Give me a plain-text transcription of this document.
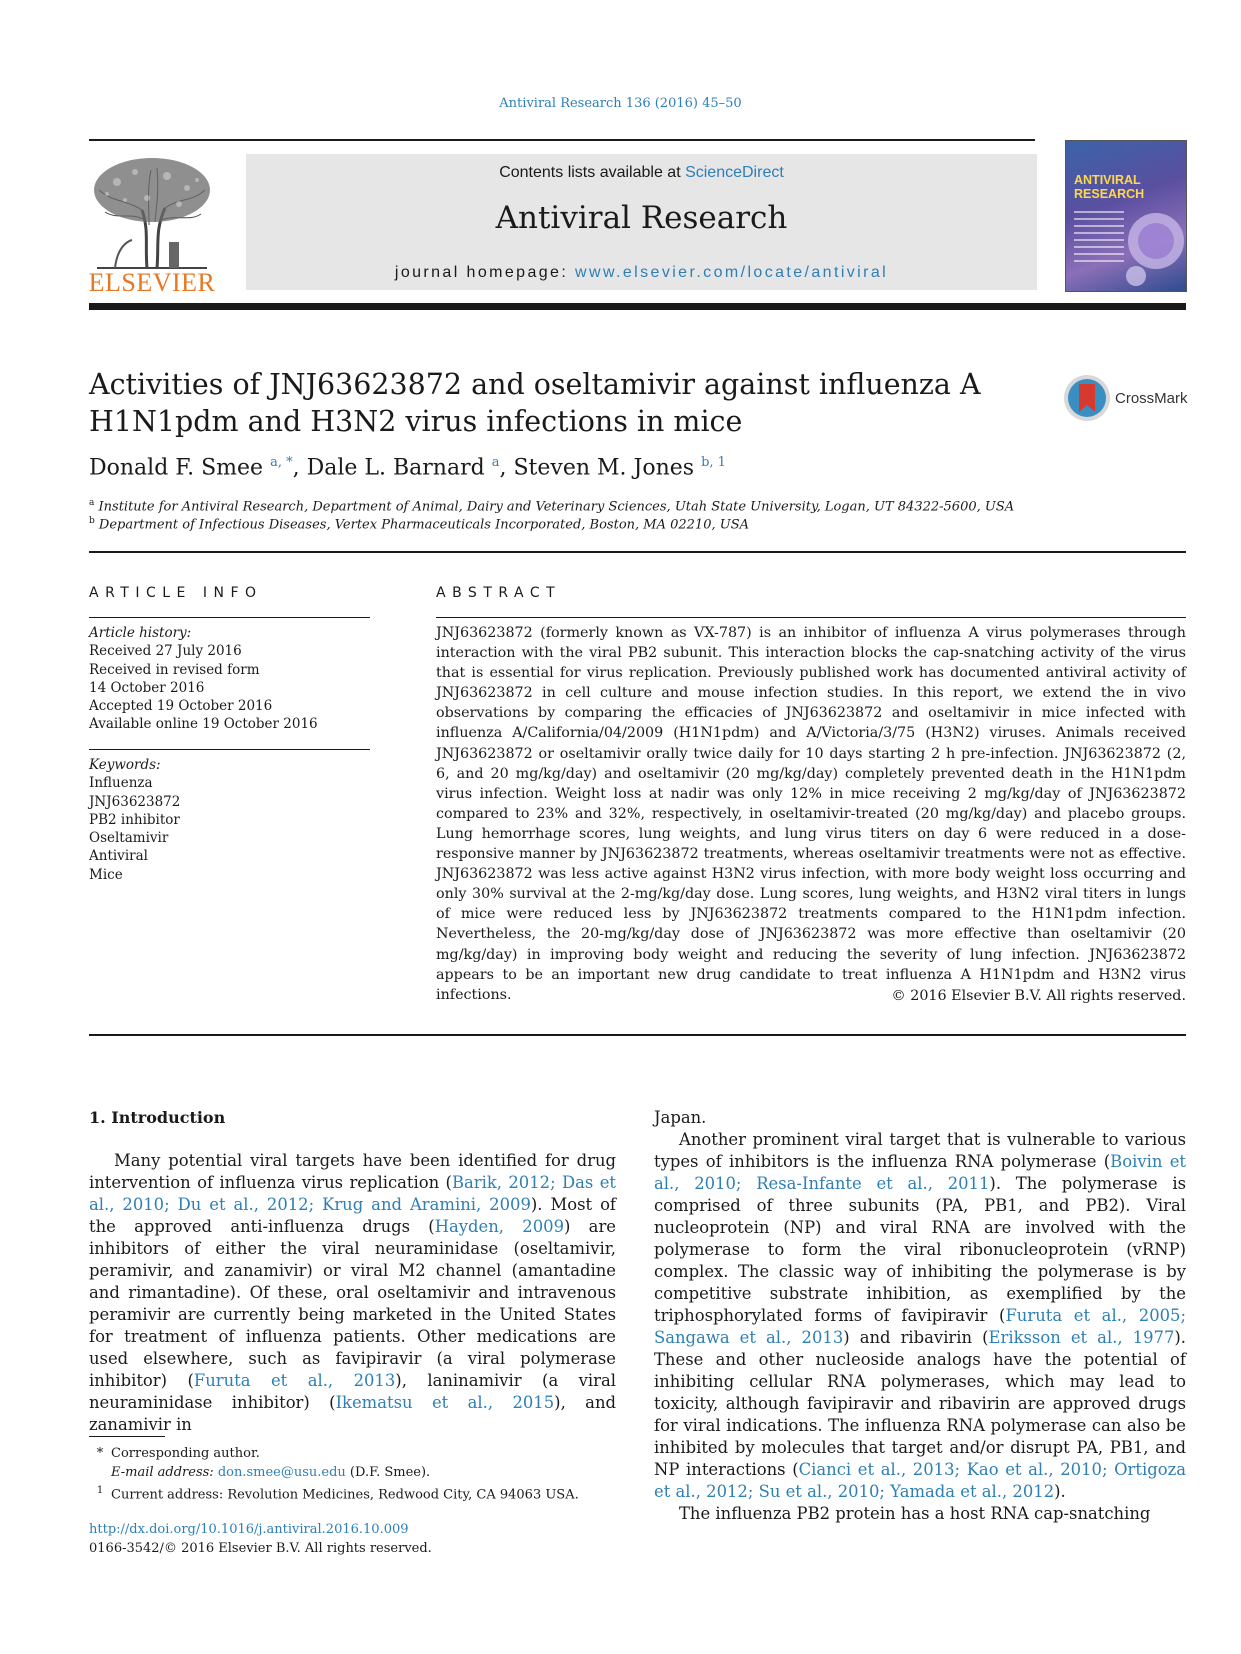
Antiviral Research 136 (2016) 45–50
ELSEVIER
Contents lists available at ScienceDirect
Antiviral Research
journal homepage: www.elsevier.com/locate/antiviral
ANTIVIRAL RESEARCH
Activities of JNJ63623872 and oseltamivir against influenza A
H1N1pdm and H3N2 virus infections in mice
CrossMark
Donald F. Smee $^{a, *}$, Dale L. Barnard $^a$, Steven M. Jones $^{b, 1}$
$^a$ Institute for Antiviral Research, Department of Animal, Dairy and Veterinary Sciences, Utah State University, Logan, UT 84322-5600, USA
$^b$ Department of Infectious Diseases, Vertex Pharmaceuticals Incorporated, Boston, MA 02210, USA
ARTICLE INFO	ABSTRACT
Article history:
Received 27 July 2016
Received in revised form
14 October 2016
Accepted 19 October 2016
Available online 19 October 2016
Keywords:
Influenza
JNJ63623872
PB2 inhibitor
Oseltamivir
Antiviral
Mice
JNJ63623872 (formerly known as VX-787) is an inhibitor of influenza A virus polymerases through interaction with the viral PB2 subunit. This interaction blocks the cap-snatching activity of the virus that is essential for virus replication. Previously published work has documented antiviral activity of JNJ63623872 in cell culture and mouse infection studies. In this report, we extend the in vivo observations by comparing the efficacies of JNJ63623872 and oseltamivir in mice infected with influenza A/California/04/2009 (H1N1pdm) and A/Victoria/3/75 (H3N2) viruses. Animals received JNJ63623872 or oseltamivir orally twice daily for 10 days starting 2 h pre-infection. JNJ63623872 (2, 6, and 20 mg/kg/day) and oseltamivir (20 mg/kg/day) completely prevented death in the H1N1pdm virus infection. Weight loss at nadir was only 12% in mice receiving 2 mg/kg/day of JNJ63623872 compared to 23% and 32%, respectively, in oseltamivir-treated (20 mg/kg/day) and placebo groups. Lung hemorrhage scores, lung weights, and lung virus titers on day 6 were reduced in a dose-responsive manner by JNJ63623872 treatments, whereas oseltamivir treatments were not as effective. JNJ63623872 was less active against H3N2 virus infection, with more body weight loss occurring and only 30% survival at the 2-mg/kg/day dose. Lung scores, lung weights, and H3N2 viral titers in lungs of mice were reduced less by JNJ63623872 treatments compared to the H1N1pdm infection. Nevertheless, the 20-mg/kg/day dose of JNJ63623872 was more effective than oseltamivir (20 mg/kg/day) in improving body weight and reducing the severity of lung infection. JNJ63623872 appears to be an important new drug candidate to treat influenza A H1N1pdm and H3N2 virus infections.	© 2016 Elsevier B.V. All rights reserved.
1. Introduction

Many potential viral targets have been identified for drug intervention of influenza virus replication (Barik, 2012; Das et al., 2010; Du et al., 2012; Krug and Aramini, 2009). Most of the approved anti-influenza drugs (Hayden, 2009) are inhibitors of either the viral neuraminidase (oseltamivir, peramivir, and zanamivir) or viral M2 channel (amantadine and rimantadine). Of these, oral oseltamivir and intravenous peramivir are currently being marketed in the United States for treatment of influenza patients. Other medications are used elsewhere, such as favipiravir (a viral polymerase inhibitor) (Furuta et al., 2013), laninamivir (a viral neuraminidase inhibitor) (Ikematsu et al., 2015), and zanamivir in

Japan.

Another prominent viral target that is vulnerable to various types of inhibitors is the influenza RNA polymerase (Boivin et al., 2010; Resa-Infante et al., 2011). The polymerase is comprised of three subunits (PA, PB1, and PB2). Viral nucleoprotein (NP) and viral RNA are involved with the polymerase to form the viral ribonucleoprotein (vRNP) complex. The classic way of inhibiting the polymerase is by competitive substrate inhibition, as exemplified by the triphosphorylated forms of favipiravir (Furuta et al., 2005; Sangawa et al., 2013) and ribavirin (Eriksson et al., 1977). These and other nucleoside analogs have the potential of inhibiting cellular RNA polymerases, which may lead to toxicity, although favipiravir and ribavirin are approved drugs for viral indications. The influenza RNA polymerase can also be inhibited by molecules that target and/or disrupt PA, PB1, and NP interactions (Cianci et al., 2013; Kao et al., 2010; Ortigoza et al., 2012; Su et al., 2010; Yamada et al., 2012).

The influenza PB2 protein has a host RNA cap-snatching

* Corresponding author.
E-mail address: don.smee@usu.edu (D.F. Smee).
1 Current address: Revolution Medicines, Redwood City, CA 94063 USA.
http://dx.doi.org/10.1016/j.antiviral.2016.10.009
0166-3542/© 2016 Elsevier B.V. All rights reserved.
